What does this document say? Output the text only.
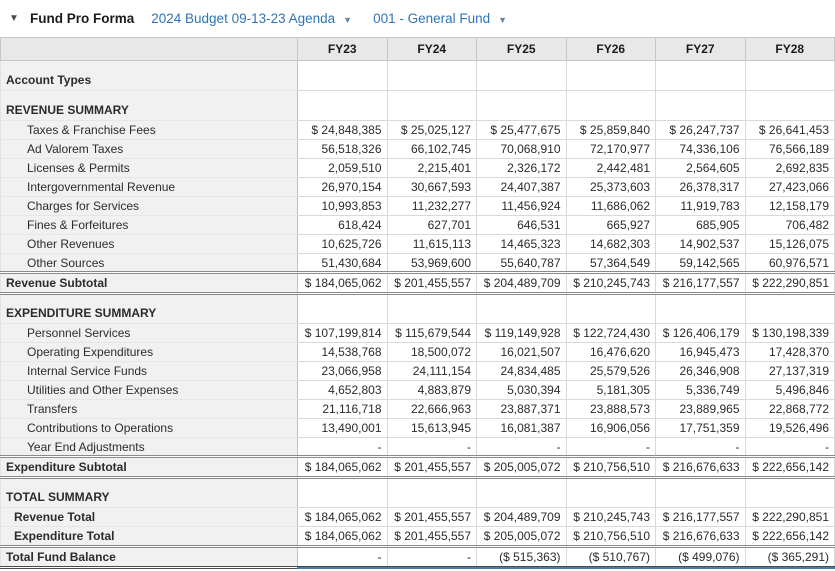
▼ Fund Pro Forma 2024 Budget 09-13-23 Agenda ▼ 001 - General Fund ▼
	FY23	FY24	FY25	FY26	FY27	FY28
Account Types						
REVENUE SUMMARY						
Taxes & Franchise Fees	$ 24,848,385	$ 25,025,127	$ 25,477,675	$ 25,859,840	$ 26,247,737	$ 26,641,453
Ad Valorem Taxes	56,518,326	66,102,745	70,068,910	72,170,977	74,336,106	76,566,189
Licenses & Permits	2,059,510	2,215,401	2,326,172	2,442,481	2,564,605	2,692,835
Intergovernmental Revenue	26,970,154	30,667,593	24,407,387	25,373,603	26,378,317	27,423,066
Charges for Services	10,993,853	11,232,277	11,456,924	11,686,062	11,919,783	12,158,179
Fines & Forfeitures	618,424	627,701	646,531	665,927	685,905	706,482
Other Revenues	10,625,726	11,615,113	14,465,323	14,682,303	14,902,537	15,126,075
Other Sources	51,430,684	53,969,600	55,640,787	57,364,549	59,142,565	60,976,571
Revenue Subtotal	$ 184,065,062	$ 201,455,557	$ 204,489,709	$ 210,245,743	$ 216,177,557	$ 222,290,851
EXPENDITURE SUMMARY						
Personnel Services	$ 107,199,814	$ 115,679,544	$ 119,149,928	$ 122,724,430	$ 126,406,179	$ 130,198,339
Operating Expenditures	14,538,768	18,500,072	16,021,507	16,476,620	16,945,473	17,428,370
Internal Service Funds	23,066,958	24,111,154	24,834,485	25,579,526	26,346,908	27,137,319
Utilities and Other Expenses	4,652,803	4,883,879	5,030,394	5,181,305	5,336,749	5,496,846
Transfers	21,116,718	22,666,963	23,887,371	23,888,573	23,889,965	22,868,772
Contributions to Operations	13,490,001	15,613,945	16,081,387	16,906,056	17,751,359	19,526,496
Year End Adjustments	-	-	-	-	-	-
Expenditure Subtotal	$ 184,065,062	$ 201,455,557	$ 205,005,072	$ 210,756,510	$ 216,676,633	$ 222,656,142
TOTAL SUMMARY						
Revenue Total	$ 184,065,062	$ 201,455,557	$ 204,489,709	$ 210,245,743	$ 216,177,557	$ 222,290,851
Expenditure Total	$ 184,065,062	$ 201,455,557	$ 205,005,072	$ 210,756,510	$ 216,676,633	$ 222,656,142
Total Fund Balance	-	-	($ 515,363)	($ 510,767)	($ 499,076)	($ 365,291)
